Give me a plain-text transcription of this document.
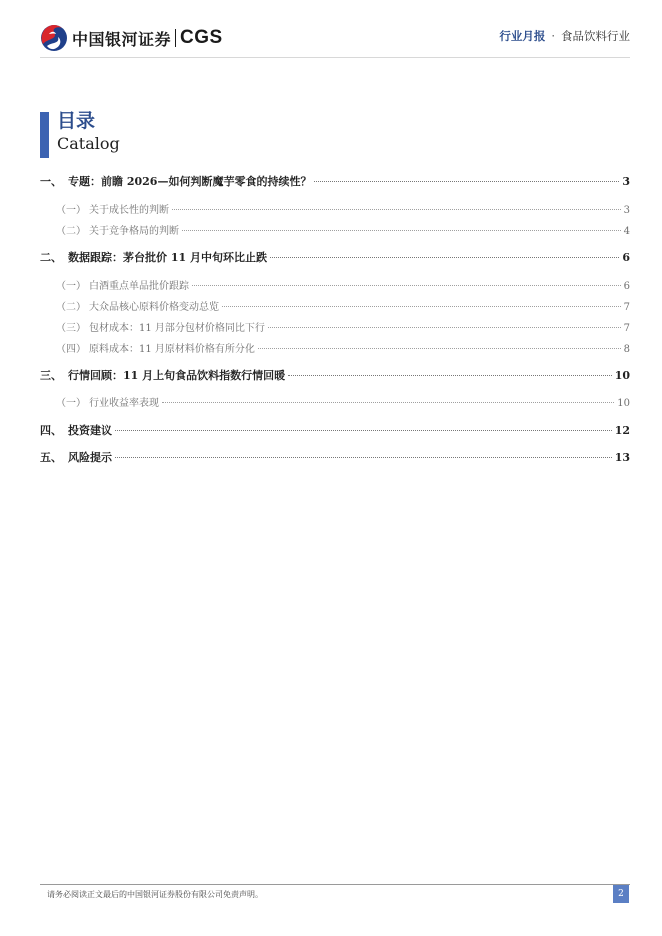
中国银河证券 CGS	行业月报 · 食品饮料行业
目录
Catalog
一、 专题：前瞻 2026—如何判断魔芋零食的持续性？	3
（一） 关于成长性的判断	3
（二） 关于竞争格局的判断	4
二、 数据跟踪：茅台批价 11 月中旬环比止跌	6
（一） 白酒重点单品批价跟踪	6
（二） 大众品核心原料价格变动总览	7
（三） 包材成本：11 月部分包材价格同比下行	7
（四） 原料成本：11 月原材料价格有所分化	8
三、 行情回顾：11 月上旬食品饮料指数行情回暖	10
（一） 行业收益率表现	10
四、 投资建议	12
五、 风险提示	13
请务必阅读正文最后的中国银河证券股份有限公司免责声明。	2
